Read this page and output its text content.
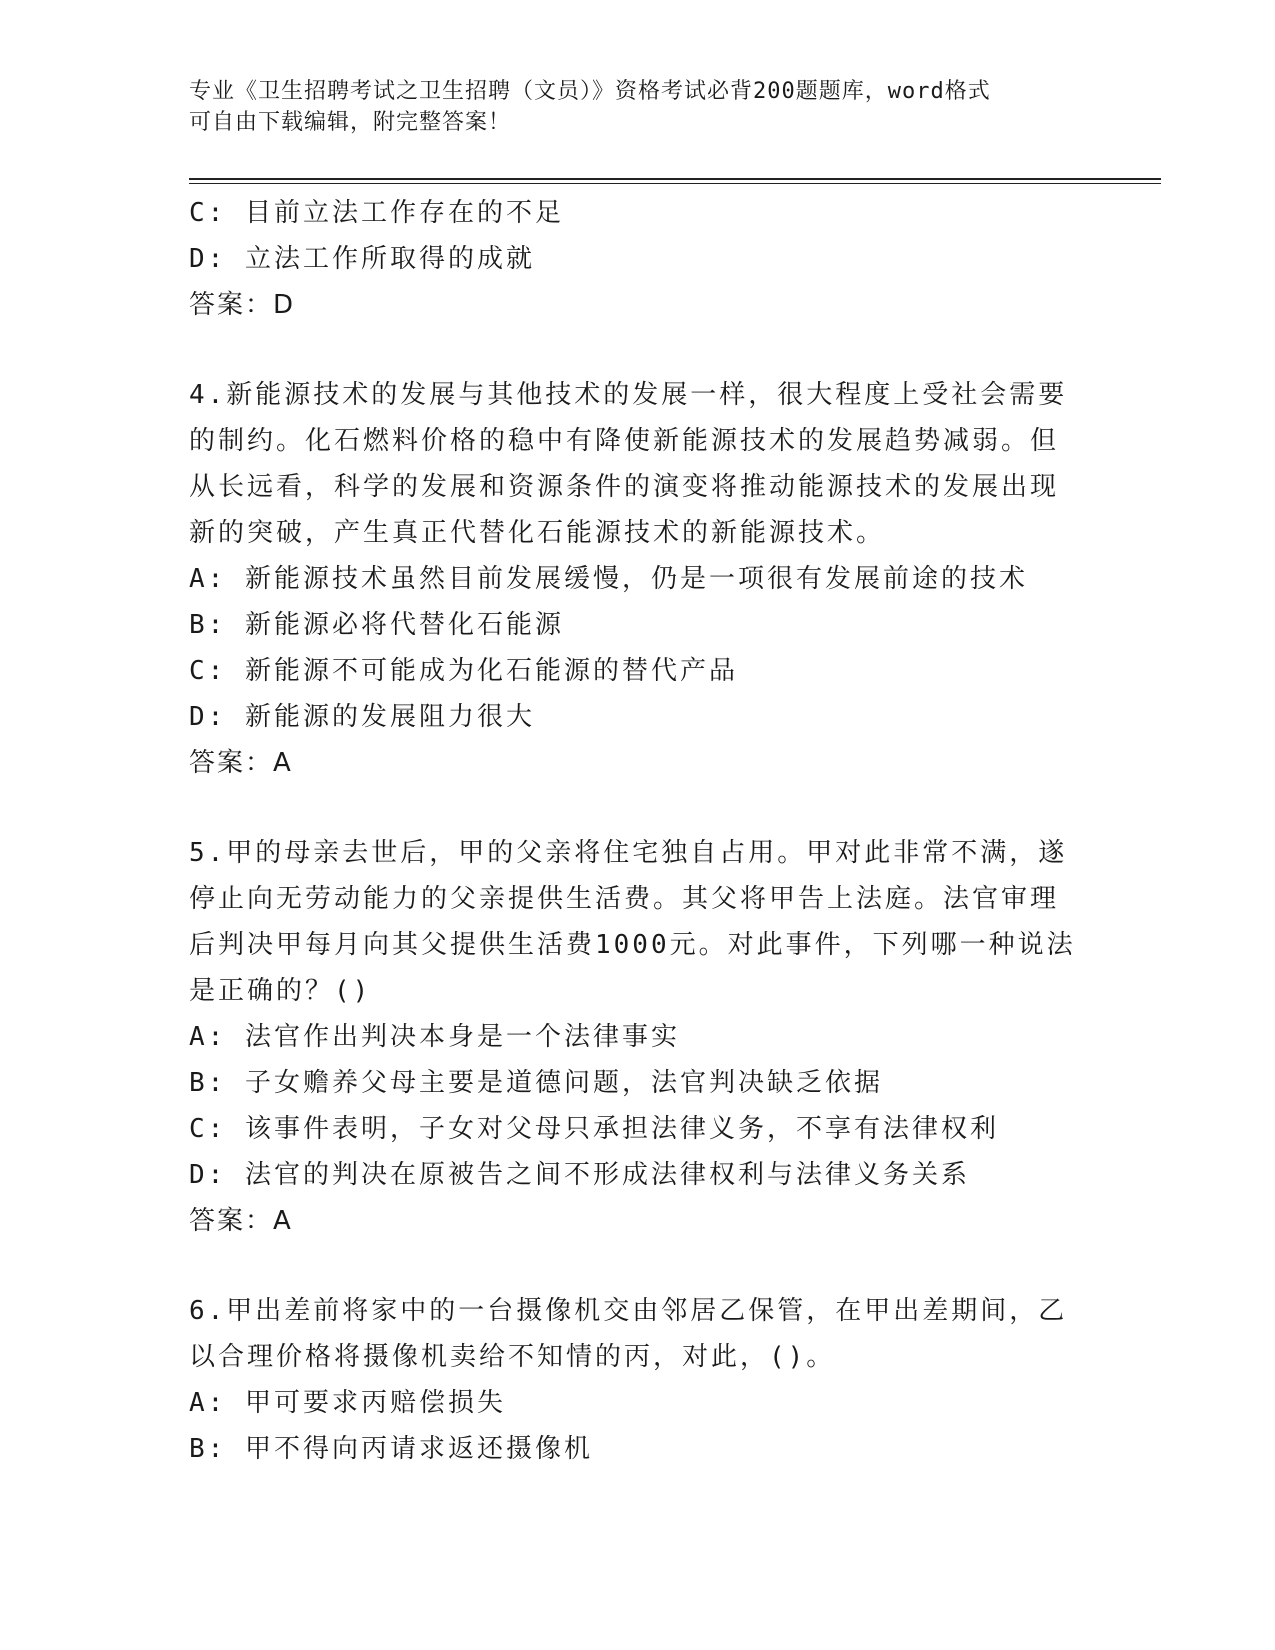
专业《卫生招聘考试之卫生招聘（文员）》资格考试必背200题题库，word格式
可自由下载编辑，附完整答案！
C: 目前立法工作存在的不足
D: 立法工作所取得的成就
答案：D
4.新能源技术的发展与其他技术的发展一样，很大程度上受社会需要
的制约。化石燃料价格的稳中有降使新能源技术的发展趋势减弱。但
从长远看，科学的发展和资源条件的演变将推动能源技术的发展出现
新的突破，产生真正代替化石能源技术的新能源技术。
A: 新能源技术虽然目前发展缓慢，仍是一项很有发展前途的技术
B: 新能源必将代替化石能源
C: 新能源不可能成为化石能源的替代产品
D: 新能源的发展阻力很大
答案：A
5.甲的母亲去世后，甲的父亲将住宅独自占用。甲对此非常不满，遂
停止向无劳动能力的父亲提供生活费。其父将甲告上法庭。法官审理
后判决甲每月向其父提供生活费1000元。对此事件，下列哪一种说法
是正确的？()
A: 法官作出判决本身是一个法律事实
B: 子女赡养父母主要是道德问题，法官判决缺乏依据
C: 该事件表明，子女对父母只承担法律义务，不享有法律权利
D: 法官的判决在原被告之间不形成法律权利与法律义务关系
答案：A
6.甲出差前将家中的一台摄像机交由邻居乙保管，在甲出差期间，乙
以合理价格将摄像机卖给不知情的丙，对此，()。
A: 甲可要求丙赔偿损失
B: 甲不得向丙请求返还摄像机
